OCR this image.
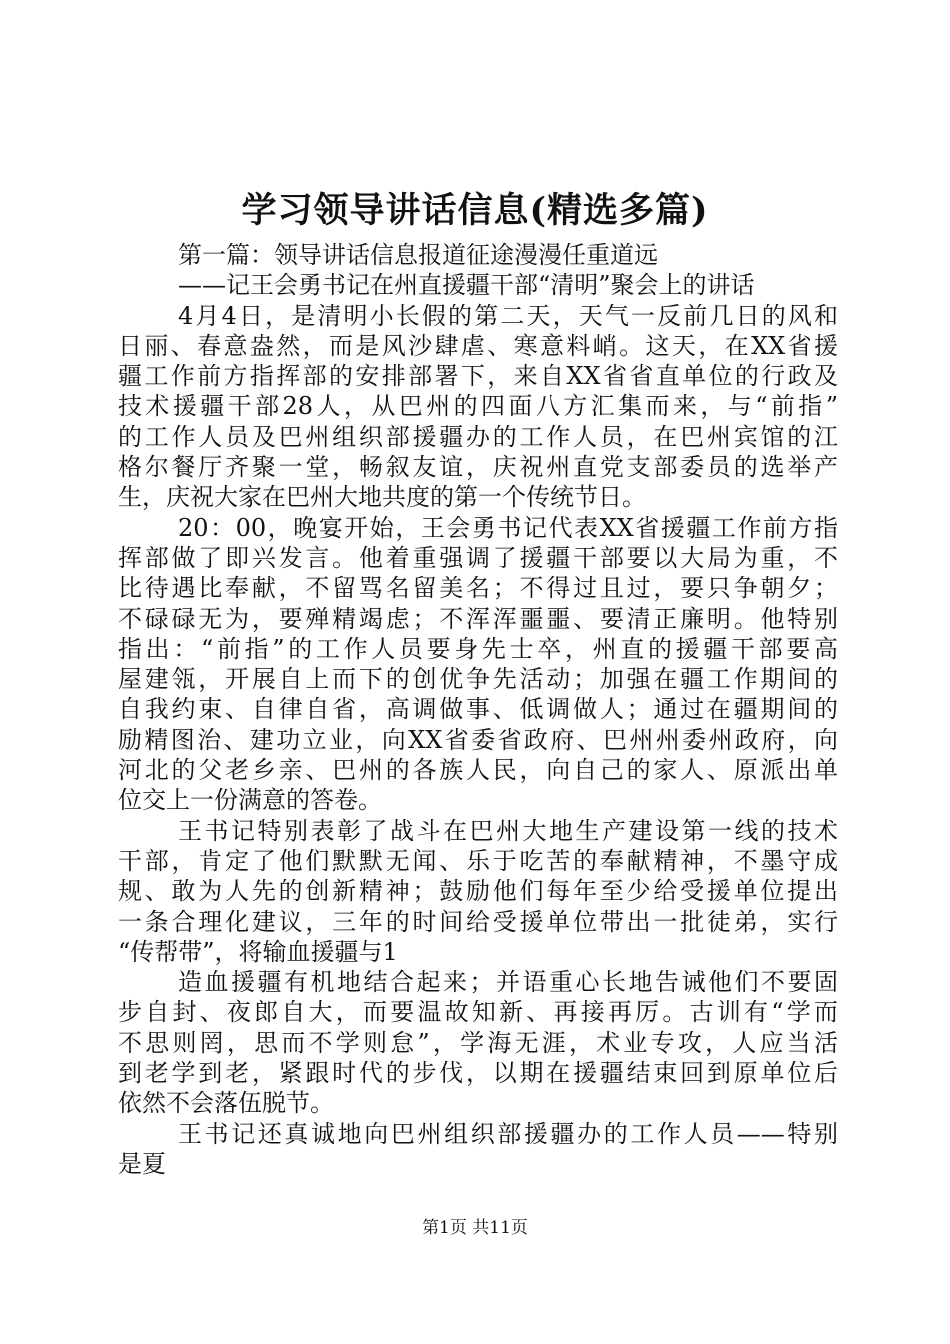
学习领导讲话信息(精选多篇)
第一篇：领导讲话信息报道征途漫漫任重道远
——记王会勇书记在州直援疆干部“清明”聚会上的讲话
4月4日，是清明小长假的第二天，天气一反前几日的风和
日丽、春意盎然，而是风沙肆虐、寒意料峭。这天，在XX省援
疆工作前方指挥部的安排部署下，来自XX省省直单位的行政及
技术援疆干部28人，从巴州的四面八方汇集而来，与“前指”
的工作人员及巴州组织部援疆办的工作人员，在巴州宾馆的江
格尔餐厅齐聚一堂，畅叙友谊，庆祝州直党支部委员的选举产
生，庆祝大家在巴州大地共度的第一个传统节日。
20：00，晚宴开始，王会勇书记代表XX省援疆工作前方指
挥部做了即兴发言。他着重强调了援疆干部要以大局为重，不
比待遇比奉献，不留骂名留美名；不得过且过，要只争朝夕；
不碌碌无为，要殚精竭虑；不浑浑噩噩、要清正廉明。他特别
指出：“前指”的工作人员要身先士卒，州直的援疆干部要高
屋建瓴，开展自上而下的创优争先活动；加强在疆工作期间的
自我约束、自律自省，高调做事、低调做人；通过在疆期间的
励精图治、建功立业，向XX省委省政府、巴州州委州政府，向
河北的父老乡亲、巴州的各族人民，向自己的家人、原派出单
位交上一份满意的答卷。
王书记特别表彰了战斗在巴州大地生产建设第一线的技术
干部，肯定了他们默默无闻、乐于吃苦的奉献精神，不墨守成
规、敢为人先的创新精神；鼓励他们每年至少给受援单位提出
一条合理化建议，三年的时间给受援单位带出一批徒弟，实行
“传帮带”，将输血援疆与1
造血援疆有机地结合起来；并语重心长地告诫他们不要固
步自封、夜郎自大，而要温故知新、再接再厉。古训有“学而
不思则罔，思而不学则怠”，学海无涯，术业专攻，人应当活
到老学到老，紧跟时代的步伐，以期在援疆结束回到原单位后
依然不会落伍脱节。
王书记还真诚地向巴州组织部援疆办的工作人员——特别
是夏
第1页 共11页
